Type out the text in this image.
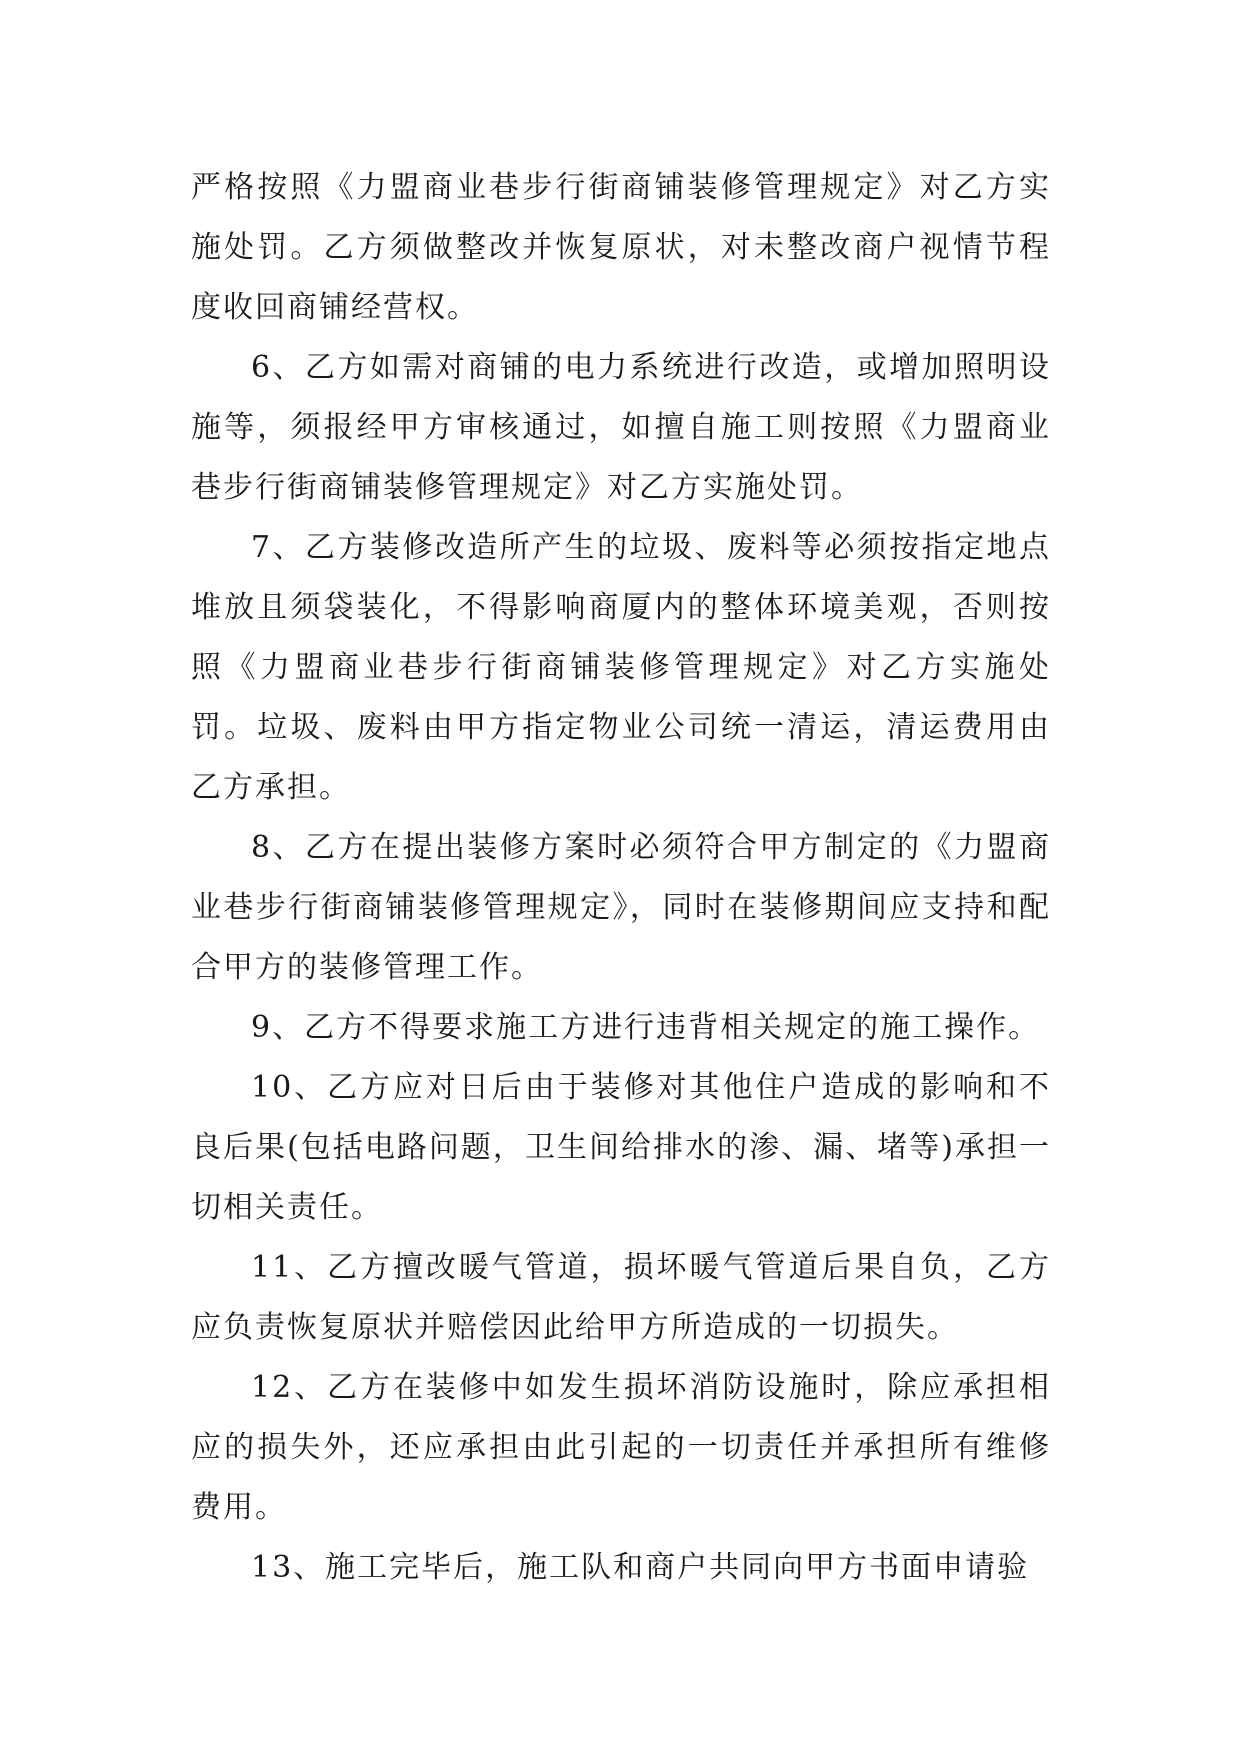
严格按照《力盟商业巷步行街商铺装修管理规定》对乙方实施处罚。乙方须做整改并恢复原状，对未整改商户视情节程度收回商铺经营权。

6、乙方如需对商铺的电力系统进行改造，或增加照明设施等，须报经甲方审核通过，如擅自施工则按照《力盟商业巷步行街商铺装修管理规定》对乙方实施处罚。

7、乙方装修改造所产生的垃圾、废料等必须按指定地点堆放且须袋装化，不得影响商厦内的整体环境美观，否则按照《力盟商业巷步行街商铺装修管理规定》对乙方实施处罚。垃圾、废料由甲方指定物业公司统一清运，清运费用由乙方承担。

8、乙方在提出装修方案时必须符合甲方制定的《力盟商业巷步行街商铺装修管理规定》，同时在装修期间应支持和配合甲方的装修管理工作。

9、乙方不得要求施工方进行违背相关规定的施工操作。

10、乙方应对日后由于装修对其他住户造成的影响和不良后果(包括电路问题，卫生间给排水的渗、漏、堵等)承担一切相关责任。

11、乙方擅改暖气管道，损坏暖气管道后果自负，乙方应负责恢复原状并赔偿因此给甲方所造成的一切损失。

12、乙方在装修中如发生损坏消防设施时，除应承担相应的损失外，还应承担由此引起的一切责任并承担所有维修费用。

13、施工完毕后，施工队和商户共同向甲方书面申请验
